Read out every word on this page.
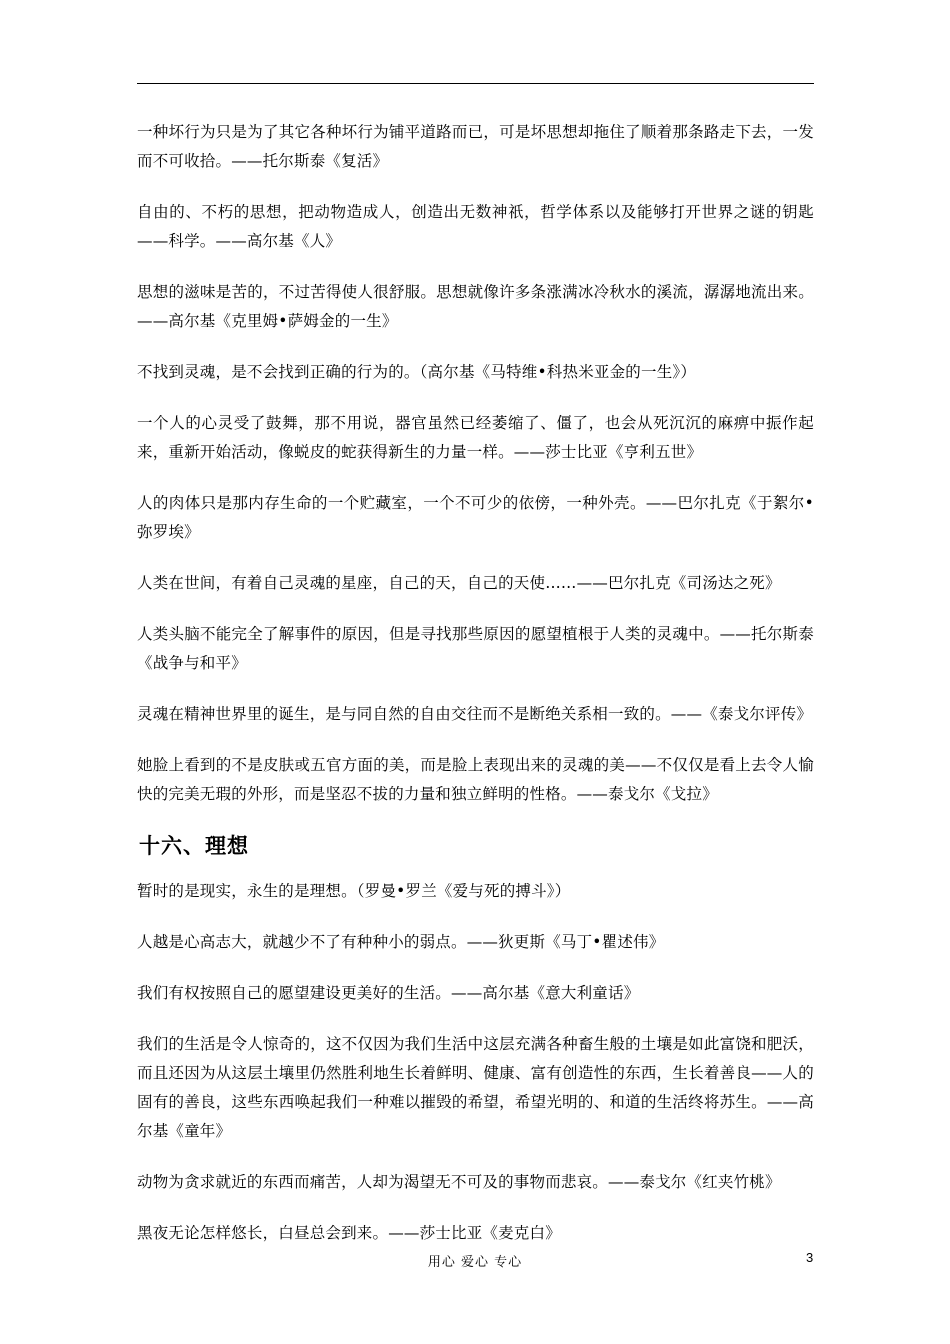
一种坏行为只是为了其它各种坏行为铺平道路而已，可是坏思想却拖住了顺着那条路走下去，一发而不可收拾。——托尔斯泰《复活》

自由的、不朽的思想，把动物造成人，创造出无数神祇，哲学体系以及能够打开世界之谜的钥匙——科学。——高尔基《人》

思想的滋味是苦的，不过苦得使人很舒服。思想就像许多条涨满冰冷秋水的溪流，潺潺地流出来。——高尔基《克里姆•萨姆金的一生》

不找到灵魂，是不会找到正确的行为的。（高尔基《马特维•科热米亚金的一生》）

一个人的心灵受了鼓舞，那不用说，器官虽然已经萎缩了、僵了，也会从死沉沉的麻痹中振作起来，重新开始活动，像蜕皮的蛇获得新生的力量一样。——莎士比亚《亨利五世》

人的肉体只是那内存生命的一个贮藏室，一个不可少的依傍，一种外壳。——巴尔扎克《于絮尔•弥罗埃》

人类在世间，有着自己灵魂的星座，自己的天，自己的天使……——巴尔扎克《司汤达之死》

人类头脑不能完全了解事件的原因，但是寻找那些原因的愿望植根于人类的灵魂中。——托尔斯泰《战争与和平》

灵魂在精神世界里的诞生，是与同自然的自由交往而不是断绝关系相一致的。——《泰戈尔评传》

她脸上看到的不是皮肤或五官方面的美，而是脸上表现出来的灵魂的美——不仅仅是看上去令人愉快的完美无瑕的外形，而是坚忍不拔的力量和独立鲜明的性格。——泰戈尔《戈拉》

十六、理想

暂时的是现实，永生的是理想。（罗曼•罗兰《爱与死的搏斗》）

人越是心高志大，就越少不了有种种小的弱点。——狄更斯《马丁•瞿述伟》

我们有权按照自己的愿望建设更美好的生活。——高尔基《意大利童话》

我们的生活是令人惊奇的，这不仅因为我们生活中这层充满各种畜生般的土壤是如此富饶和肥沃，而且还因为从这层土壤里仍然胜利地生长着鲜明、健康、富有创造性的东西，生长着善良——人的固有的善良，这些东西唤起我们一种难以摧毁的希望，希望光明的、和道的生活终将苏生。——高尔基《童年》

动物为贪求就近的东西而痛苦，人却为渴望无不可及的事物而悲哀。——泰戈尔《红夹竹桃》

黑夜无论怎样悠长，白昼总会到来。——莎士比亚《麦克白》

用心 爱心 专心	3
